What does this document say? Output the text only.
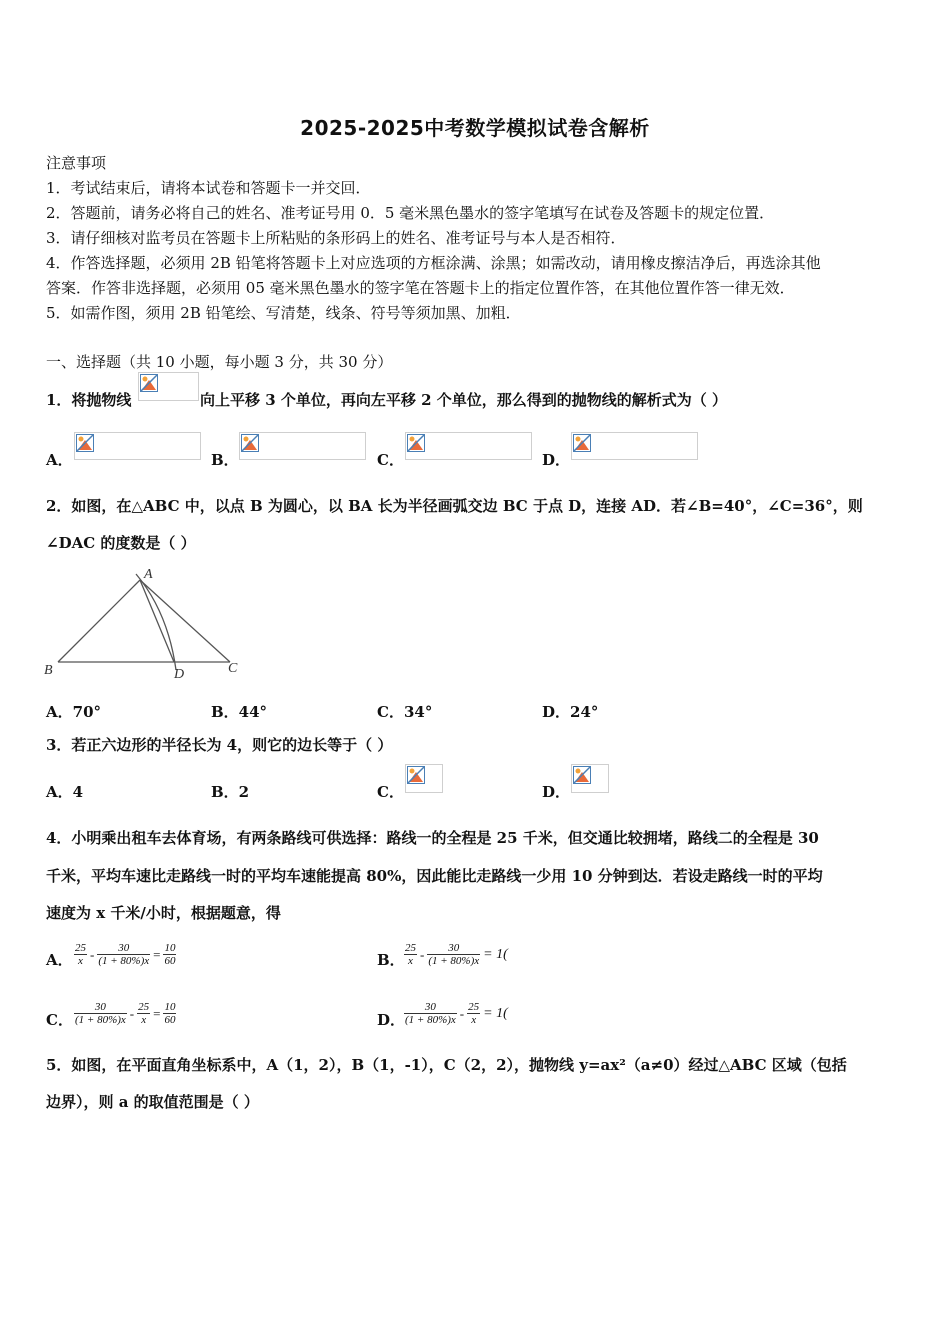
2025-2025中考数学模拟试卷含解析
注意事项
1．考试结束后，请将本试卷和答题卡一并交回．
2．答题前，请务必将自己的姓名、准考证号用 0．5 毫米黑色墨水的签字笔填写在试卷及答题卡的规定位置．
3．请仔细核对监考员在答题卡上所粘贴的条形码上的姓名、准考证号与本人是否相符．
4．作答选择题，必须用 2B 铅笔将答题卡上对应选项的方框涂满、涂黑；如需改动，请用橡皮擦洁净后，再选涂其他
答案．作答非选择题，必须用 05 毫米黑色墨水的签字笔在答题卡上的指定位置作答，在其他位置作答一律无效．
5．如需作图，须用 2B 铅笔绘、写清楚，线条、符号等须加黑、加粗．
一、选择题（共 10 小题，每小题 3 分，共 30 分）
1．将抛物线	向上平移 3 个单位，再向左平移 2 个单位，那么得到的抛物线的解析式为（ ）
A．	B．	C．	D．
2．如图，在△ABC 中，以点 B 为圆心，以 BA 长为半径画弧交边 BC 于点 D，连接 AD．若∠B=40°，∠C=36°，则
∠DAC 的度数是（ ）
A
B	C
D
A．70°	B．44°	C．34°	D．24°
3．若正六边形的半径长为 4，则它的边长等于（ ）
A．4	B．2	C．	D．
4．小明乘出租车去体育场，有两条路线可供选择：路线一的全程是 25 千米，但交通比较拥堵，路线二的全程是 30
千米，平均车速比走路线一时的平均车速能提高 80%，因此能比走路线一少用 10 分钟到达．若设走路线一时的平均
速度为 x 千米/小时，根据题意，得
A． $\frac{25}{x} - \frac{30}{(1 + 80\%)x} = \frac{10}{60}$	B． $\frac{25}{x} - \frac{30}{(1 + 80\%)x} = 1$(
C． $\frac{30}{(1 + 80\%)x} - \frac{25}{x} = \frac{10}{60}$	D．
$\frac{30}{(1 + 80\%)x} - \frac{25}{x} = 1$(
5．如图，在平面直角坐标系中，A（1，2），B（1，-1），C（2，2），抛物线 y=ax²（a≠0）经过△ABC 区域（包括
边界），则 a 的取值范围是（ ）
